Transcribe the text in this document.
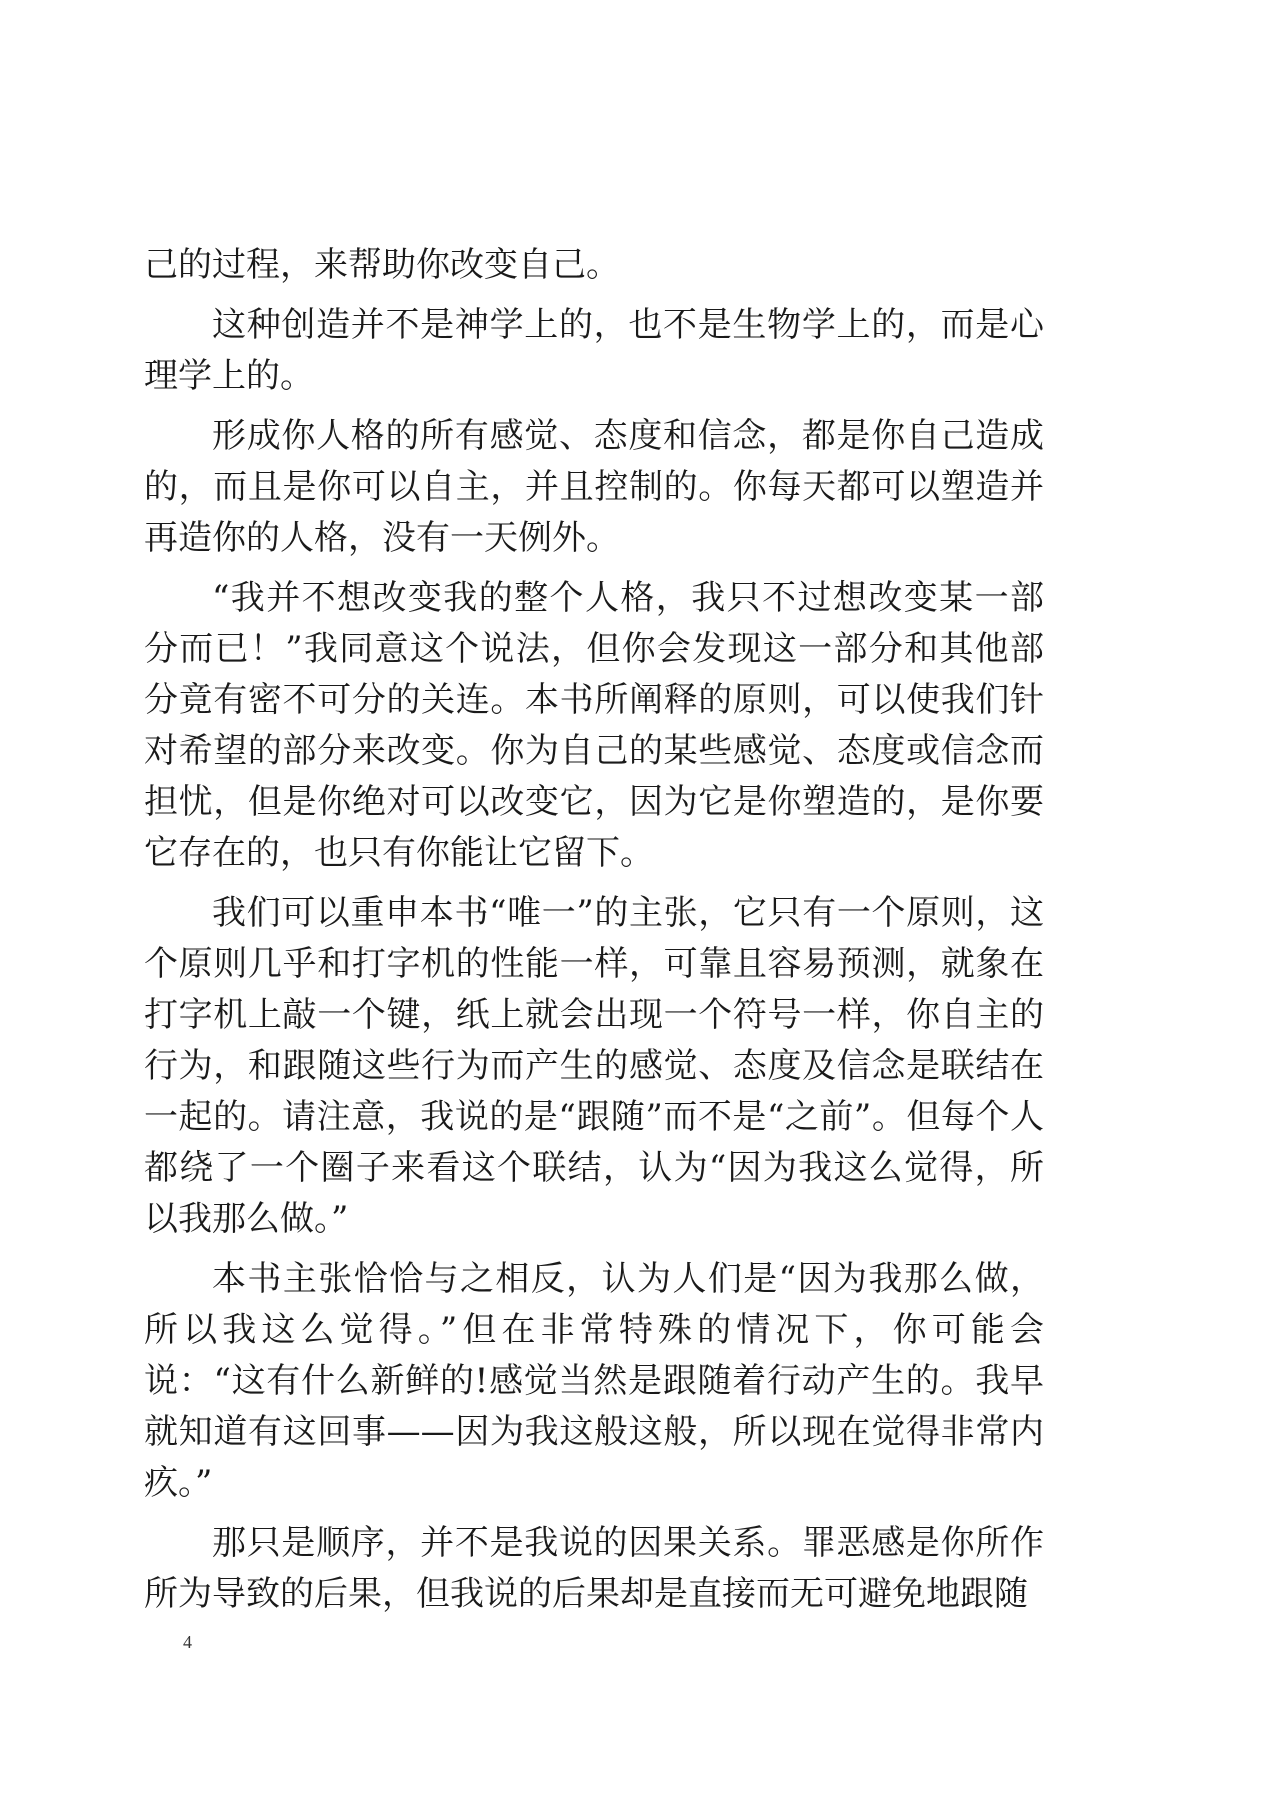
己的过程，来帮助你改变自己。

这种创造并不是神学上的，也不是生物学上的，而是心理学上的。

形成你人格的所有感觉、态度和信念，都是你自己造成的，而且是你可以自主，并且控制的。你每天都可以塑造并再造你的人格，没有一天例外。

“我并不想改变我的整个人格，我只不过想改变某一部分而已！”我同意这个说法，但你会发现这一部分和其他部分竟有密不可分的关连。本书所阐释的原则，可以使我们针对希望的部分来改变。你为自己的某些感觉、态度或信念而担忧，但是你绝对可以改变它，因为它是你塑造的，是你要它存在的，也只有你能让它留下。

我们可以重申本书“唯一”的主张，它只有一个原则，这个原则几乎和打字机的性能一样，可靠且容易预测，就象在打字机上敲一个键，纸上就会出现一个符号一样，你自主的行为，和跟随这些行为而产生的感觉、态度及信念是联结在一起的。请注意，我说的是“跟随”而不是“之前”。但每个人都绕了一个圈子来看这个联结，认为“因为我这么觉得，所以我那么做。”

本书主张恰恰与之相反，认为人们是“因为我那么做，所以我这么觉得。”但在非常特殊的情况下，你可能会说：“这有什么新鲜的!感觉当然是跟随着行动产生的。我早就知道有这回事——因为我这般这般，所以现在觉得非常内疚。”

那只是顺序，并不是我说的因果关系。罪恶感是你所作所为导致的后果，但我说的后果却是直接而无可避免地跟随

4
